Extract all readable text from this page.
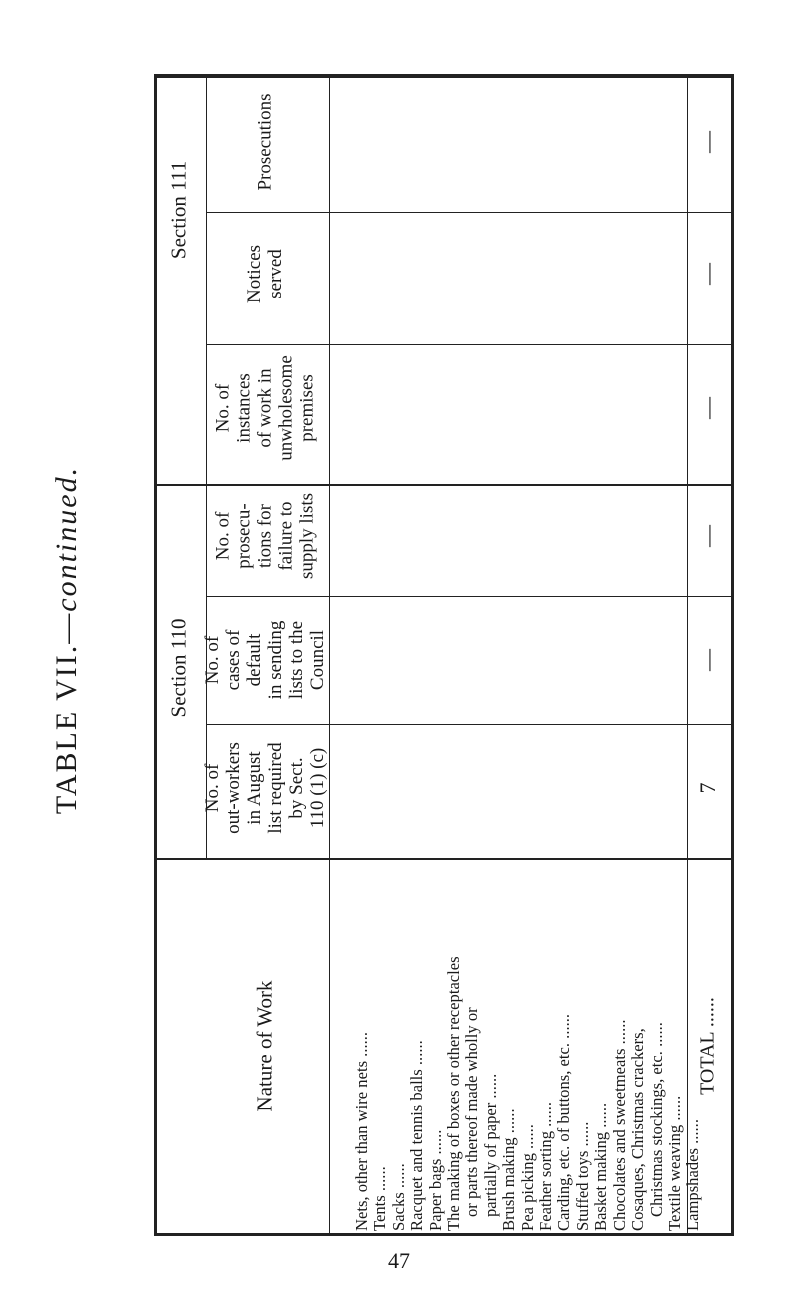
TABLE VII.—continued.
Section 111
Section 110
Prosecutions
Notices served
No. of instances of work in unwholesome premises
No. of prosecu- tions for failure to supply lists
No. of cases of default in sending lists to the Council
No. of out-workers in August list required by Sect. 110 (1) (c)
Nature of Work
—
—
—
—
—
7
Nets, other than wire nets ...... Tents ...... Sacks ...... Racquet and tennis balls ...... Paper bags ...... The making of boxes or other receptacles or parts thereof made wholly or partially of paper ...... Brush making ...... Pea picking ...... Feather sorting ...... Carding, etc. of buttons, etc. ...... Stuffed toys ...... Basket making ...... Chocolates and sweetmeats ...... Cosaques, Christmas crackers, Christmas stockings, etc. ...... Textile weaving ...... Lampshades ......
TOTAL ......
47
